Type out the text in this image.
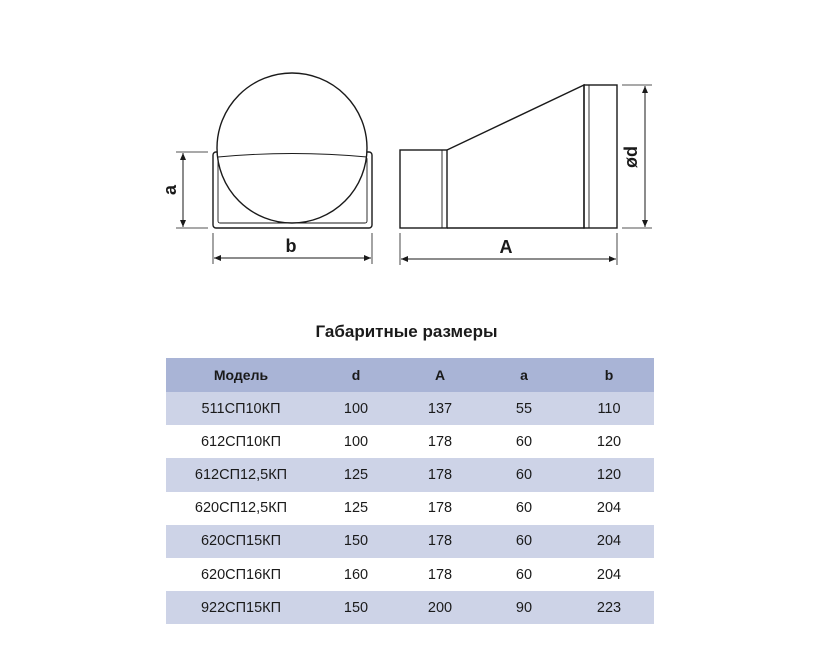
a
b
ød
A
Габаритные размеры
Модель	d	A	a	b
511СП10КП	100	137	55	110
612СП10КП	100	178	60	120
612СП12,5КП	125	178	60	120
620СП12,5КП	125	178	60	204
620СП15КП	150	178	60	204
620СП16КП	160	178	60	204
922СП15КП	150	200	90	223
